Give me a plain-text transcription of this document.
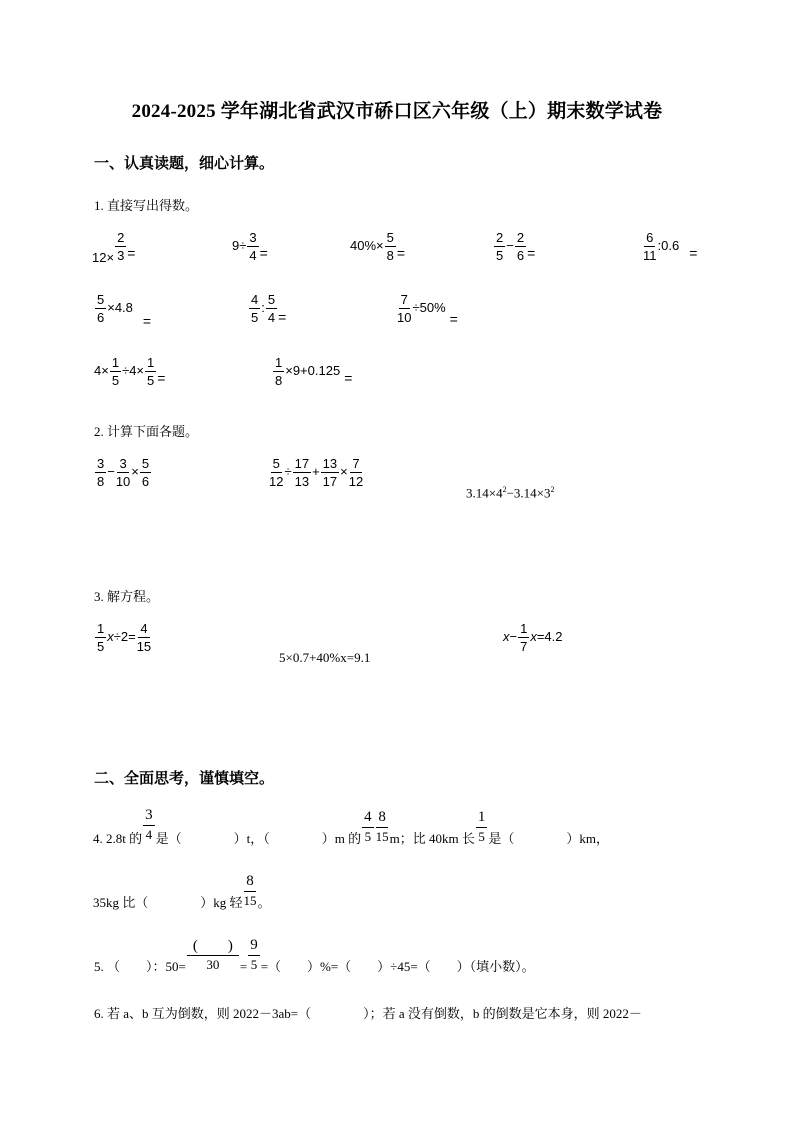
2024-2025 学年湖北省武汉市硚口区六年级（上）期末数学试卷
一、认真读题，细心计算。
1. 直接写出得数。
$12\times \frac{2}{3}$ =	$9\div \frac{3}{4}$ =	$40\%\times \frac{5}{8}$ =	$\frac{2}{5} - \frac{2}{6}$ =	$\frac{6}{11}$ :0.6 =
$\frac{5}{6} \times 4.8=$	$\frac{4}{5}$ : $\frac{5}{4}$ =	$\frac{7}{10} \div 50\%=$
$4\times \frac{1}{5} \div 4\times \frac{1}{5}$ =	$\frac{1}{8} \times 9+0.125$ =
2. 计算下面各题。
$\frac{3}{8} - \frac{3}{10} \times \frac{5}{6}$	$\frac{5}{12} \div \frac{17}{13} + \frac{13}{17} \times \frac{7}{12}$
$3.14\times 4^2-3.14\times 3^2$
3. 解方程。
$\frac{1}{5} x\div 2= \frac{4}{15}$
5×0.7+40%x=9.1
$x- \frac{1}{7} x=4.2$
二、全面思考，谨慎填空。
4. 2.8t 的 $\frac{3}{4}$ 是（　　　　）t，（　　　　）m 的 $\frac{4}{5} \frac{8}{15}$ m；比 40km 长 $\frac{1}{5}$ 是（　　　　）km，
35kg 比（　　　　）kg 轻 $\frac{8}{15}$ 。
5. （　　）：$50= \frac{( )}{30} = \frac{9}{5}$ =（　　）%=（　　）÷45=（　　）（填小数）。
6. 若 a、b 互为倒数，则 2022－3ab=（　　　　）；若 a 没有倒数，b 的倒数是它本身，则 2022－
